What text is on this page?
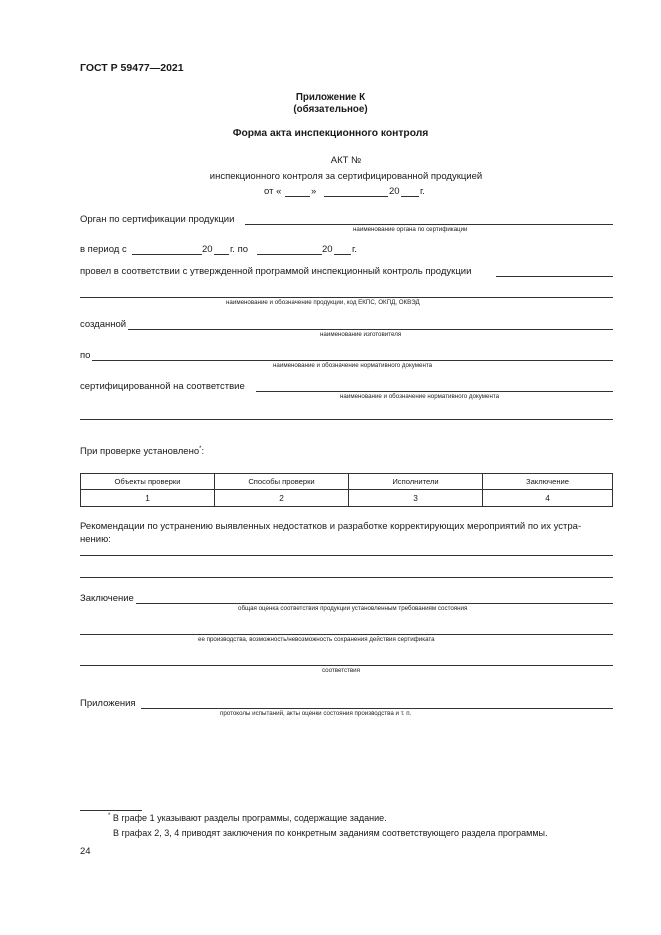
ГОСТ Р 59477—2021
Приложение К
(обязательное)
Форма акта инспекционного контроля
АКТ №
инспекционного контроля за сертифицированной продукцией
от «	»	20 г.
Орган по сертификации продукции
наименование органа по сертификации
в период с	20 г. по	20 г.
провел в соответствии с утвержденной программой инспекционный контроль продукции
наименование и обозначение продукции, код ЕКПС, ОКПД, ОКВЭД
созданной
наименование изготовителя
по
наименование и обозначение нормативного документа
сертифицированной на соответствие
наименование и обозначение нормативного документа
При проверке установлено*:
Объекты проверки	Способы проверки	Исполнители	Заключение
1	2	3	4
Рекомендации по устранению выявленных недостатков и разработке корректирующих мероприятий по их устра-
нению:
Заключение
общая оценка соответствия продукции установленным требованиям состояния
ее производства, возможность/невозможность сохранения действия сертификата
соответствия
Приложения
протоколы испытаний, акты оценки состояния производства и т. п.
* В графе 1 указывают разделы программы, содержащие задание.
В графах 2, 3, 4 приводят заключения по конкретным заданиям соответствующего раздела программы.
24
